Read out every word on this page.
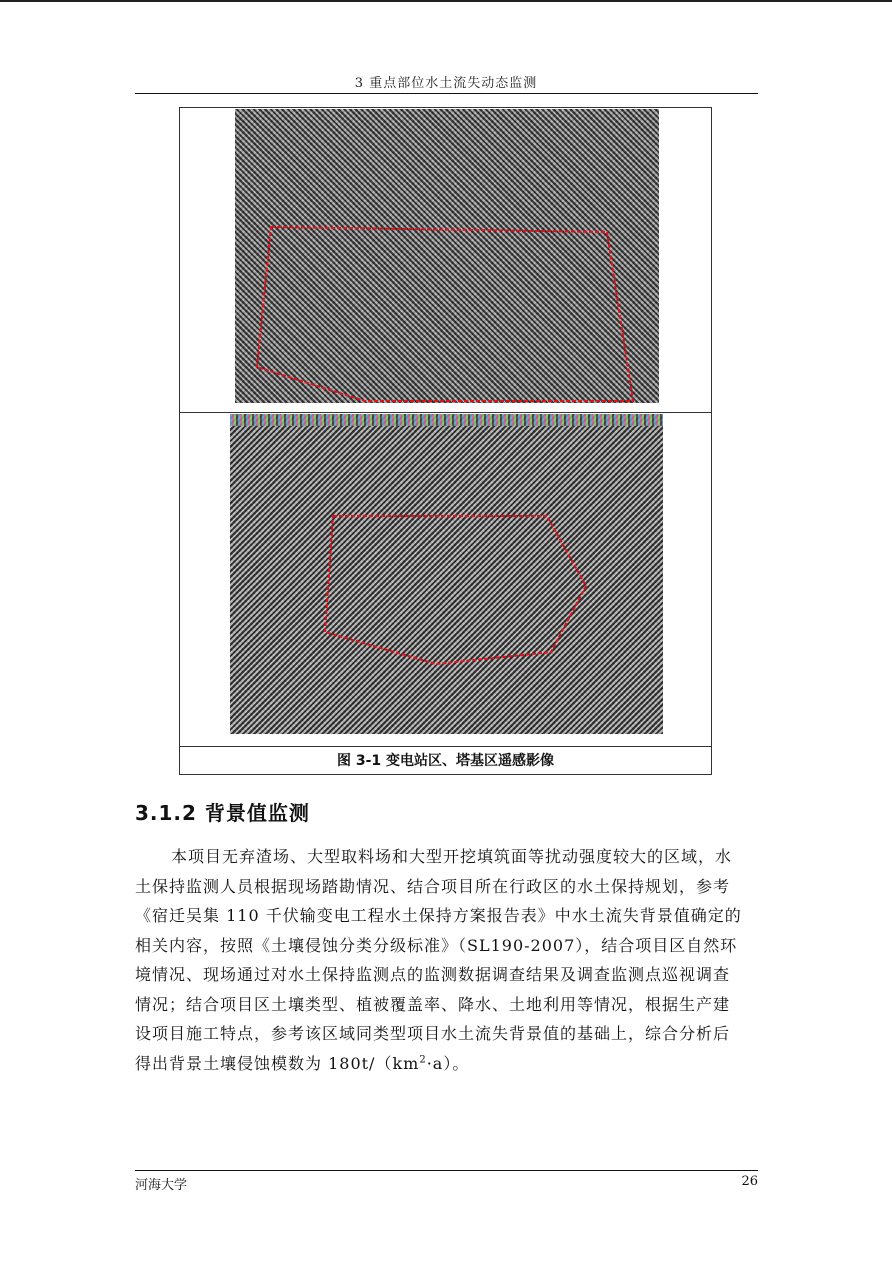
3 重点部位水土流失动态监测
图 3-1 变电站区、塔基区遥感影像
3.1.2 背景值监测

本项目无弃渣场、大型取料场和大型开挖填筑面等扰动强度较大的区域，水
土保持监测人员根据现场踏勘情况、结合项目所在行政区的水土保持规划，参考
《宿迁吴集 110 千伏输变电工程水土保持方案报告表》中水土流失背景值确定的
相关内容，按照《土壤侵蚀分类分级标准》（SL190-2007），结合项目区自然环
境情况、现场通过对水土保持监测点的监测数据调查结果及调查监测点巡视调查
情况；结合项目区土壤类型、植被覆盖率、降水、土地利用等情况，根据生产建
设项目施工特点，参考该区域同类型项目水土流失背景值的基础上，综合分析后
得出背景土壤侵蚀模数为 $180t/(km^2\cdot a)$。

河海大学	26
